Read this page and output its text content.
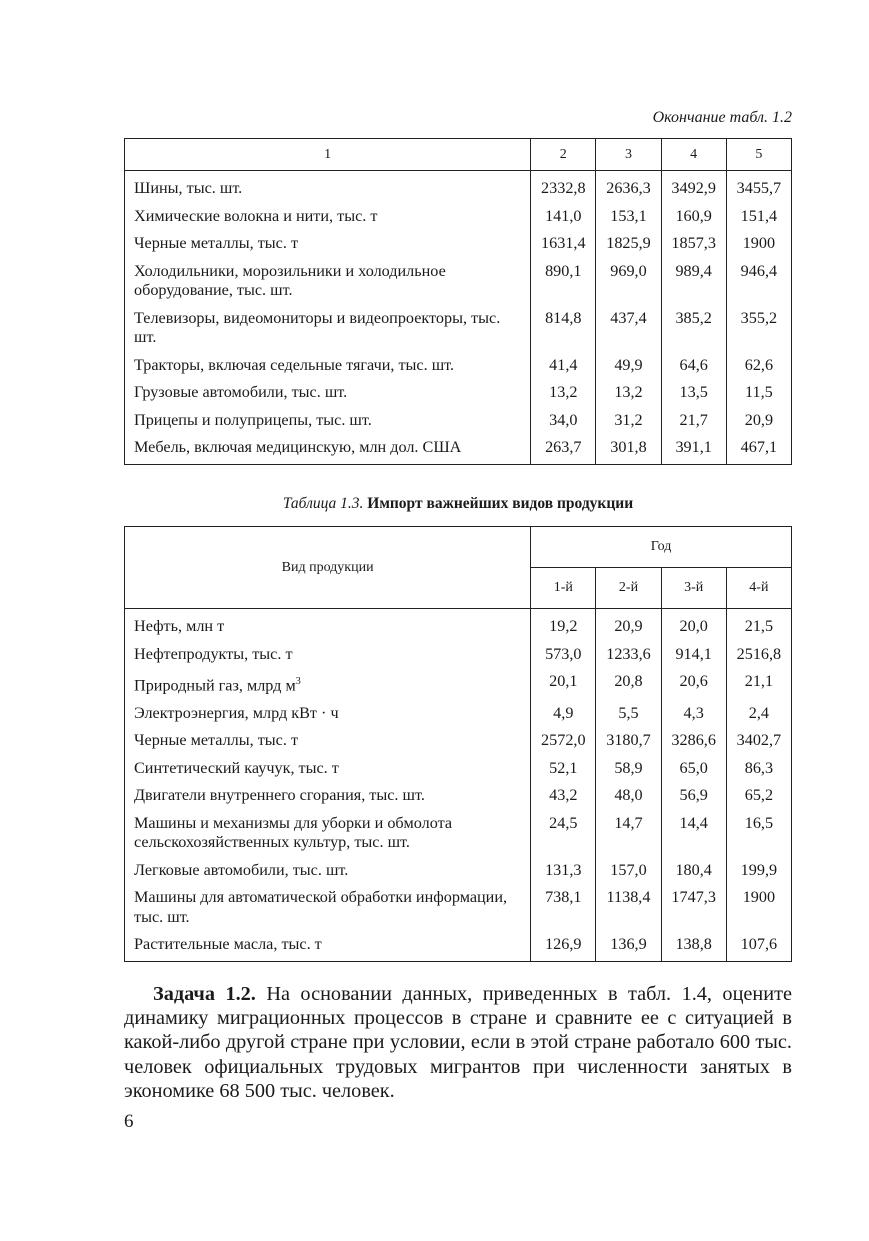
Окончание табл. 1.2
1	2	3	4	5
Шины, тыс. шт.	2332,8	2636,3	3492,9	3455,7
Химические волокна и нити, тыс. т	141,0	153,1	160,9	151,4
Черные металлы, тыс. т	1631,4	1825,9	1857,3	1900
Холодильники, морозильники и холодильное оборудование, тыс. шт.	890,1	969,0	989,4	946,4
Телевизоры, видеомониторы и видеопроекторы, тыс. шт.	814,8	437,4	385,2	355,2
Тракторы, включая седельные тягачи, тыс. шт.	41,4	49,9	64,6	62,6
Грузовые автомобили, тыс. шт.	13,2	13,2	13,5	11,5
Прицепы и полуприцепы, тыс. шт.	34,0	31,2	21,7	20,9
Мебель, включая медицинскую, млн дол. США	263,7	301,8	391,1	467,1
Таблица 1.3. Импорт важнейших видов продукции
Вид продукции	Год			
	1-й	2-й	3-й	4-й
Нефть, млн т	19,2	20,9	20,0	21,5
Нефтепродукты, тыс. т	573,0	1233,6	914,1	2516,8
Природный газ, млрд $м^3$	20,1	20,8	20,6	21,1
Электроэнергия, млрд кВт · ч	4,9	5,5	4,3	2,4
Черные металлы, тыс. т	2572,0	3180,7	3286,6	3402,7
Синтетический каучук, тыс. т	52,1	58,9	65,0	86,3
Двигатели внутреннего сгорания, тыс. шт.	43,2	48,0	56,9	65,2
Машины и механизмы для уборки и обмолота сельскохозяйственных культур, тыс. шт.	24,5	14,7	14,4	16,5
Легковые автомобили, тыс. шт.	131,3	157,0	180,4	199,9
Машины для автоматической обработки информации, тыс. шт.	738,1	1138,4	1747,3	1900
Растительные масла, тыс. т	126,9	136,9	138,8	107,6

Задача 1.2. На основании данных, приведенных в табл. 1.4, оцените динамику миграционных процессов в стране и сравните ее с ситуацией в какой-либо другой стране при условии, если в этой стране работало 600 тыс. человек официальных трудовых мигрантов при численности занятых в экономике 68 500 тыс. человек.

6
